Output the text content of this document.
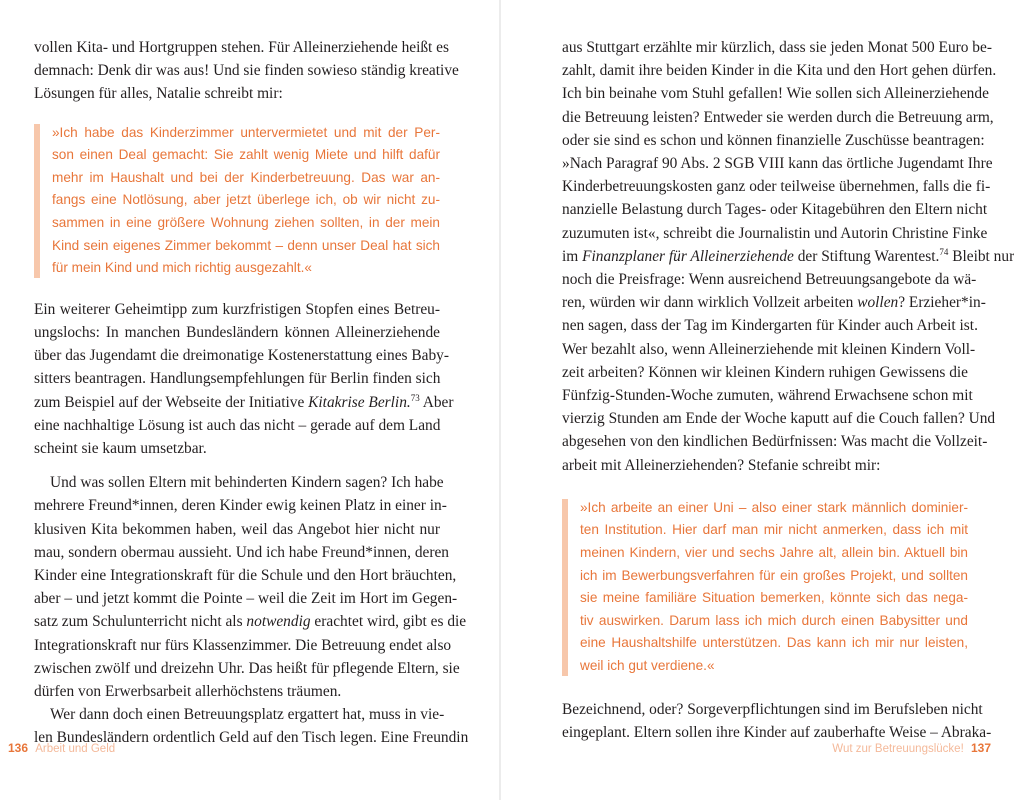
vollen Kita- und Hortgruppen stehen. Für Alleinerziehende heißt es
demnach: Denk dir was aus! Und sie finden sowieso ständig kreative
Lösungen für alles, Natalie schreibt mir:
»Ich habe das Kinderzimmer untervermietet und mit der Per-
son einen Deal gemacht: Sie zahlt wenig Miete und hilft dafür
mehr im Haushalt und bei der Kinderbetreuung. Das war an-
fangs eine Notlösung, aber jetzt überlege ich, ob wir nicht zu-
sammen in eine größere Wohnung ziehen sollten, in der mein
Kind sein eigenes Zimmer bekommt – denn unser Deal hat sich
für mein Kind und mich richtig ausgezahlt.«
Ein weiterer Geheimtipp zum kurzfristigen Stopfen eines Betreu-
ungslochs: In manchen Bundesländern können Alleinerziehende
über das Jugendamt die dreimonatige Kostenerstattung eines Baby-
sitters beantragen. Handlungsempfehlungen für Berlin finden sich
zum Beispiel auf der Webseite der Initiative Kitakrise Berlin.$^{73}$ Aber
eine nachhaltige Lösung ist auch das nicht – gerade auf dem Land
scheint sie kaum umsetzbar.
Und was sollen Eltern mit behinderten Kindern sagen? Ich habe
mehrere Freund*innen, deren Kinder ewig keinen Platz in einer in-
klusiven Kita bekommen haben, weil das Angebot hier nicht nur
mau, sondern obermau aussieht. Und ich habe Freund*innen, deren
Kinder eine Integrationskraft für die Schule und den Hort bräuchten,
aber – und jetzt kommt die Pointe – weil die Zeit im Hort im Gegen-
satz zum Schulunterricht nicht als notwendig erachtet wird, gibt es die
Integrationskraft nur fürs Klassenzimmer. Die Betreuung endet also
zwischen zwölf und dreizehn Uhr. Das heißt für pflegende Eltern, sie
dürfen von Erwerbsarbeit allerhöchstens träumen.
Wer dann doch einen Betreuungsplatz ergattert hat, muss in vie-
len Bundesländern ordentlich Geld auf den Tisch legen. Eine Freundin
aus Stuttgart erzählte mir kürzlich, dass sie jeden Monat 500 Euro be-
zahlt, damit ihre beiden Kinder in die Kita und den Hort gehen dürfen.
Ich bin beinahe vom Stuhl gefallen! Wie sollen sich Alleinerziehende
die Betreuung leisten? Entweder sie werden durch die Betreuung arm,
oder sie sind es schon und können finanzielle Zuschüsse beantragen:
»Nach Paragraf 90 Abs. 2 SGB VIII kann das örtliche Jugendamt Ihre
Kinderbetreuungskosten ganz oder teilweise übernehmen, falls die fi-
nanzielle Belastung durch Tages- oder Kitagebühren den Eltern nicht
zuzumuten ist«, schreibt die Journalistin und Autorin Christine Finke
im Finanzplaner für Alleinerziehende der Stiftung Warentest.$^{74}$ Bleibt nur
noch die Preisfrage: Wenn ausreichend Betreuungsangebote da wä-
ren, würden wir dann wirklich Vollzeit arbeiten wollen? Erzieher*in-
nen sagen, dass der Tag im Kindergarten für Kinder auch Arbeit ist.
Wer bezahlt also, wenn Alleinerziehende mit kleinen Kindern Voll-
zeit arbeiten? Können wir kleinen Kindern ruhigen Gewissens die
Fünfzig-Stunden-Woche zumuten, während Erwachsene schon mit
vierzig Stunden am Ende der Woche kaputt auf die Couch fallen? Und
abgesehen von den kindlichen Bedürfnissen: Was macht die Vollzeit-
arbeit mit Alleinerziehenden? Stefanie schreibt mir:
»Ich arbeite an einer Uni – also einer stark männlich dominier-
ten Institution. Hier darf man mir nicht anmerken, dass ich mit
meinen Kindern, vier und sechs Jahre alt, allein bin. Aktuell bin
ich im Bewerbungsverfahren für ein großes Projekt, und sollten
sie meine familiäre Situation bemerken, könnte sich das nega-
tiv auswirken. Darum lass ich mich durch einen Babysitter und
eine Haushaltshilfe unterstützen. Das kann ich mir nur leisten,
weil ich gut verdiene.«
Bezeichnend, oder? Sorgeverpflichtungen sind im Berufsleben nicht
eingeplant. Eltern sollen ihre Kinder auf zauberhafte Weise – Abraka-
136 Arbeit und Geld	Wut zur Betreuungslücke! 137
